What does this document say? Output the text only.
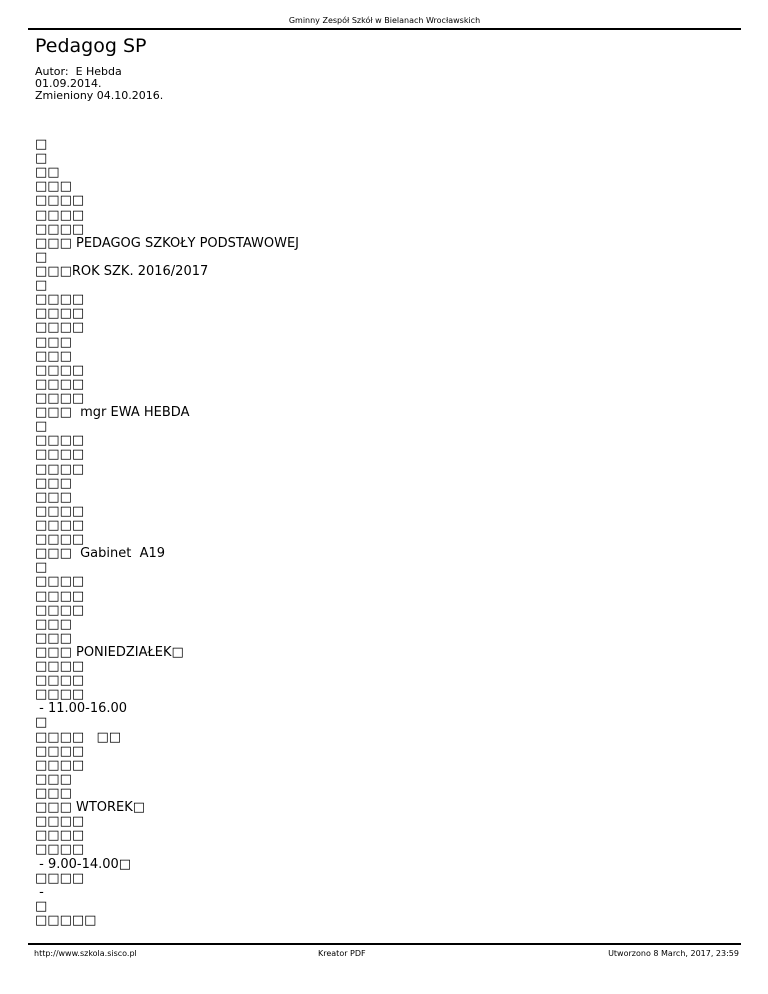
Gminny Zespół Szkół w Bielanach Wrocławskich
Pedagog SP
Autor:  E Hebda
01.09.2014.
Zmieniony 04.10.2016.
□
□
□□
□□□
□□□□
□□□□
□□□□
□□□ PEDAGOG SZKOŁY PODSTAWOWEJ
□
□□□ROK SZK. 2016/2017
□
□□□□
□□□□
□□□□
□□□
□□□
□□□□
□□□□
□□□□
□□□  mgr EWA HEBDA
□
□□□□
□□□□
□□□□
□□□
□□□
□□□□
□□□□
□□□□
□□□  Gabinet  A19
□
□□□□
□□□□
□□□□
□□□
□□□
□□□ PONIEDZIAŁEK□
□□□□
□□□□
□□□□
- 11.00-16.00
□
□□□□   □□
□□□□
□□□□
□□□
□□□
□□□ WTOREK□
□□□□
□□□□
□□□□
- 9.00-14.00□
□□□□
-
□
□□□□□
http://www.szkola.sisco.pl	Kreator PDF	Utworzono 8 March, 2017, 23:59
